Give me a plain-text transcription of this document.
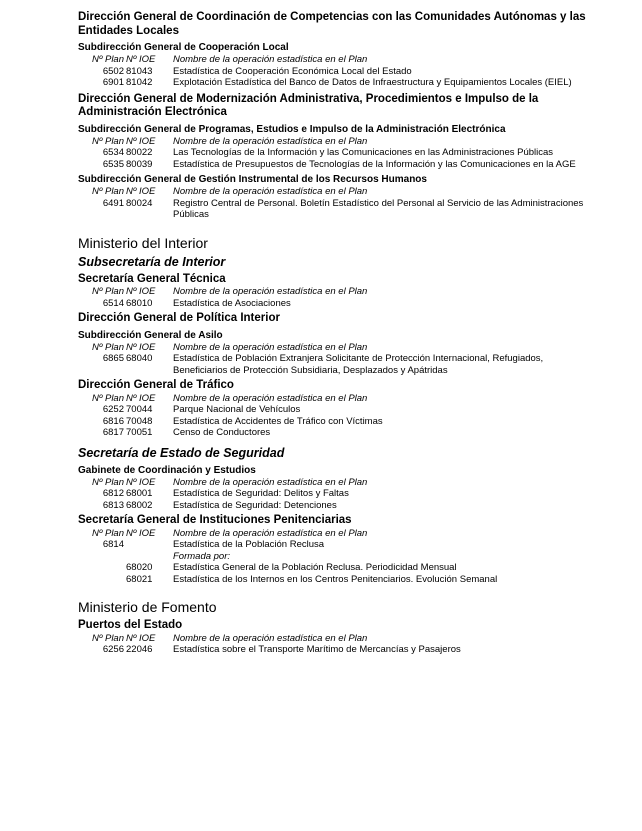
Dirección General de Coordinación de Competencias con las Comunidades Autónomas y las Entidades Locales
Subdirección General de Cooperación Local
Nº Plan Nº IOE	Nombre de la operación estadística en el Plan
6502 81043	Estadística de Cooperación Económica Local del Estado
6901 81042	Explotación Estadística del Banco de Datos de Infraestructura y Equipamientos Locales (EIEL)
Dirección General de Modernización Administrativa, Procedimientos e Impulso de la Administración Electrónica
Subdirección General de Programas, Estudios e Impulso de la Administración Electrónica
Nº Plan Nº IOE	Nombre de la operación estadística en el Plan
6534 80022	Las Tecnologías de la Información y las Comunicaciones en las Administraciones Públicas
6535 80039	Estadística de Presupuestos de Tecnologías de la Información y las Comunicaciones en la AGE
Subdirección General de Gestión Instrumental de los Recursos Humanos
Nº Plan Nº IOE	Nombre de la operación estadística en el Plan
6491 80024	Registro Central de Personal. Boletín Estadístico del Personal al Servicio de las Administraciones Públicas
Ministerio del Interior
Subsecretaría de Interior
Secretaría General Técnica
Nº Plan Nº IOE	Nombre de la operación estadística en el Plan
6514 68010	Estadística de Asociaciones
Dirección General de Política Interior
Subdirección General de Asilo
Nº Plan Nº IOE	Nombre de la operación estadística en el Plan
6865 68040	Estadística de Población Extranjera Solicitante de Protección Internacional, Refugiados, Beneficiarios de Protección Subsidiaria, Desplazados y Apátridas
Dirección General de Tráfico
Nº Plan Nº IOE	Nombre de la operación estadística en el Plan
6252 70044	Parque Nacional de Vehículos
6816 70048	Estadística de Accidentes de Tráfico con Víctimas
6817 70051	Censo de Conductores
Secretaría de Estado de Seguridad
Gabinete de Coordinación y Estudios
Nº Plan Nº IOE	Nombre de la operación estadística en el Plan
6812 68001	Estadística de Seguridad: Delitos y Faltas
6813 68002	Estadística de Seguridad: Detenciones
Secretaría General de Instituciones Penitenciarias
Nº Plan Nº IOE	Nombre de la operación estadística en el Plan
6814	Estadística de la Población Reclusa
Formada por:
68020	Estadística General de la Población Reclusa. Periodicidad Mensual
68021	Estadística de los Internos en los Centros Penitenciarios. Evolución Semanal
Ministerio de Fomento
Puertos del Estado
Nº Plan Nº IOE	Nombre de la operación estadística en el Plan
6256 22046	Estadística sobre el Transporte Marítimo de Mercancías y Pasajeros
